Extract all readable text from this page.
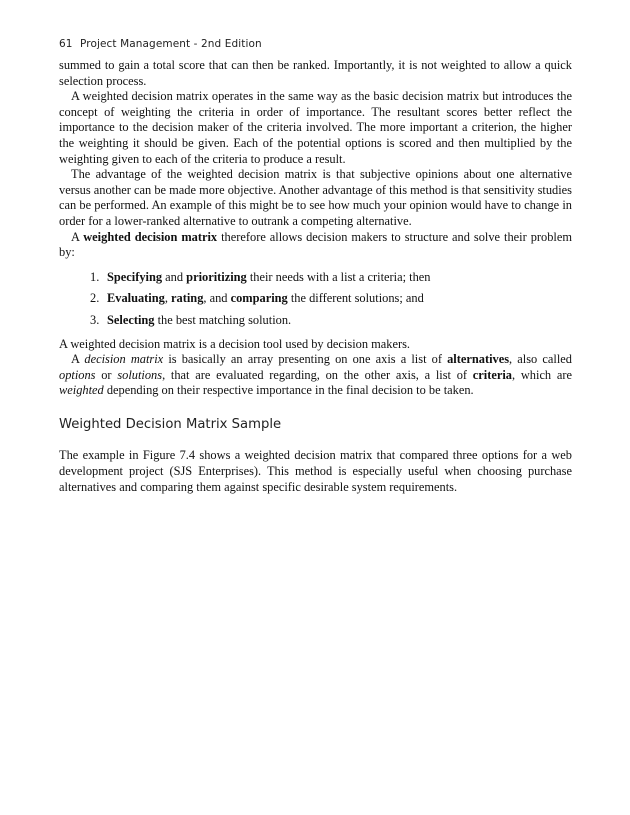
61 Project Management - 2nd Edition

summed to gain a total score that can then be ranked. Importantly, it is not weighted to allow a quick selection process.

A weighted decision matrix operates in the same way as the basic decision matrix but introduces the concept of weighting the criteria in order of importance. The resultant scores better reflect the importance to the decision maker of the criteria involved. The more important a criterion, the higher the weighting it should be given. Each of the potential options is scored and then multiplied by the weighting given to each of the criteria to produce a result.

The advantage of the weighted decision matrix is that subjective opinions about one alternative versus another can be made more objective. Another advantage of this method is that sensitivity studies can be performed. An example of this might be to see how much your opinion would have to change in order for a lower-ranked alternative to outrank a competing alternative.

A weighted decision matrix therefore allows decision makers to structure and solve their problem by:

1. Specifying and prioritizing their needs with a list a criteria; then
2. Evaluating, rating, and comparing the different solutions; and
3. Selecting the best matching solution.

A weighted decision matrix is a decision tool used by decision makers.

A decision matrix is basically an array presenting on one axis a list of alternatives, also called options or solutions, that are evaluated regarding, on the other axis, a list of criteria, which are weighted depending on their respective importance in the final decision to be taken.

Weighted Decision Matrix Sample

The example in Figure 7.4 shows a weighted decision matrix that compared three options for a web development project (SJS Enterprises). This method is especially useful when choosing purchase alternatives and comparing them against specific desirable system requirements.
